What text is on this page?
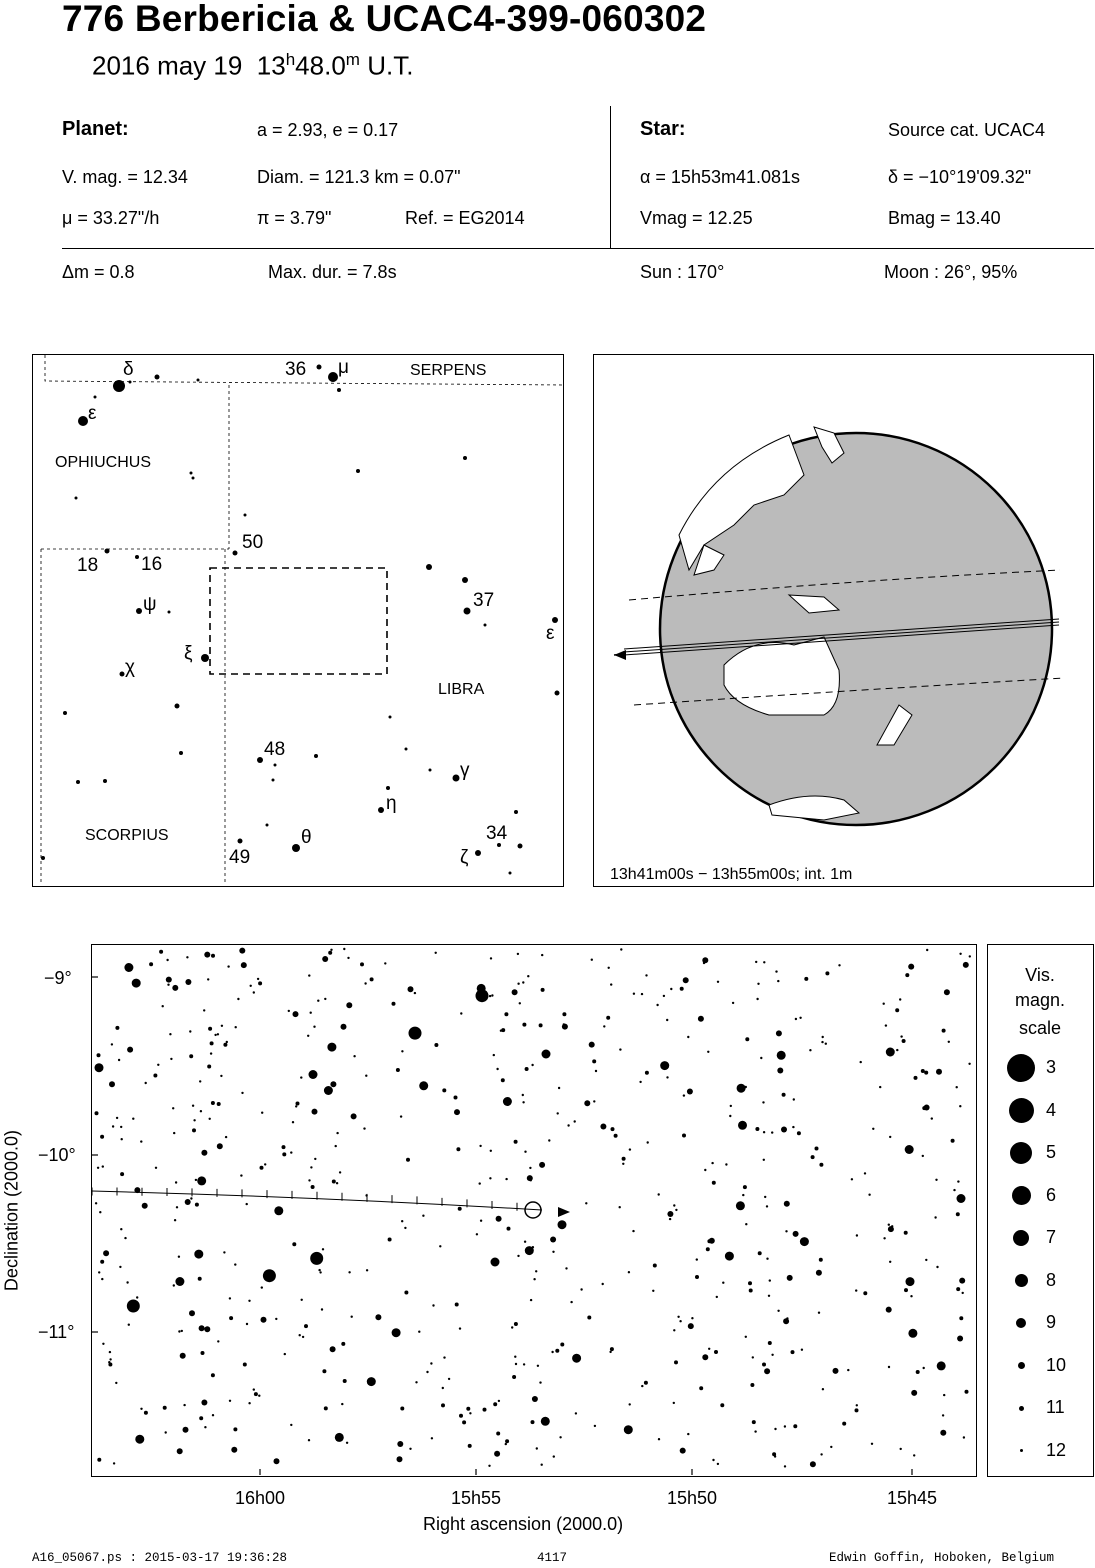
776 Berbericia & UCAC4-399-060302
2016 may 19 13$^h$48.0$^m$ U.T.
Planet:	a = 2.93, e = 0.17
V. mag. = 12.34	Diam. = 121.3 km = 0.07"
μ = 33.27"/h	π = 3.79"	Ref. = EG2014
Star:	Source cat. UCAC4
α = 15h53m41.081s	δ = −10°19'09.32"
Vmag = 12.25	Bmag = 13.40
Δm = 0.8	Max. dur. = 7.8s	Sun : 170°	Moon : 26°, 95%
δ
ε
36 μ
50
18 16
ψ
ξ
χ
37
ε
48
γ
η
θ	34
ζ
49
SERPENS
OPHIUCHUS
LIBRA
SCORPIUS
13h41m00s − 13h55m00s; int. 1m
−9°
−10°
−11°
16h00	15h55	15h50	15h45
Right ascension (2000.0)
Declination (2000.0)
Vis.
magn.
scale
3
4
5
6
7
8
9
10
11
12
A16_05067.ps : 2015-03-17 19:36:28	4117	Edwin Goffin, Hoboken, Belgium
